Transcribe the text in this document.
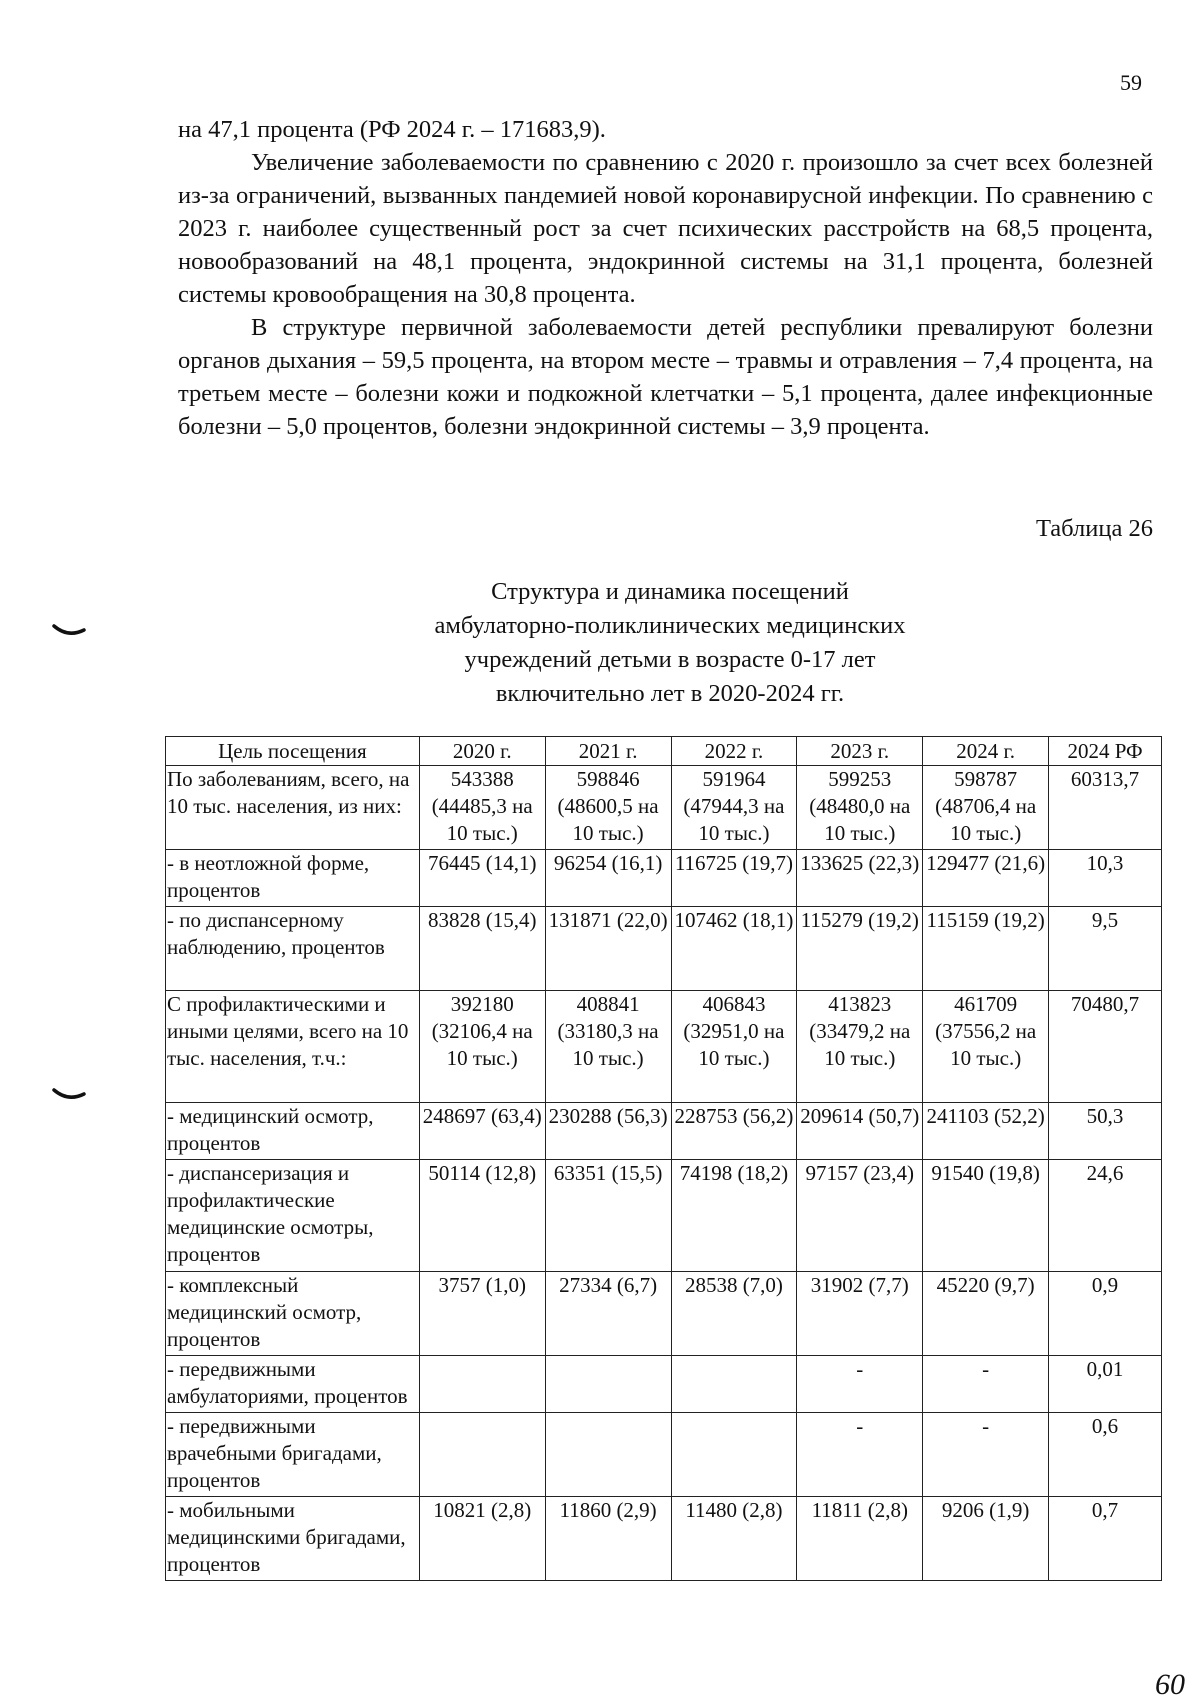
59

на 47,1 процента (РФ 2024 г. – 171683,9).

Увеличение заболеваемости по сравнению с 2020 г. произошло за счет всех болезней из-за ограничений, вызванных пандемией новой коронавирусной инфекции. По сравнению с 2023 г. наиболее существенный рост за счет психических расстройств на 68,5 процента, новообразований на 48,1 процента, эндокринной системы на 31,1 процента, болезней системы кровообращения на 30,8 процента.

В структуре первичной заболеваемости детей республики превалируют болезни органов дыхания – 59,5 процента, на втором месте – травмы и отравления – 7,4 процента, на третьем месте – болезни кожи и подкожной клетчатки – 5,1 процента, далее инфекционные болезни – 5,0 процентов, болезни эндокринной системы – 3,9 процента.

Таблица 26
Структура и динамика посещений
амбулаторно-поликлинических медицинских
учреждений детьми в возрасте 0-17 лет
включительно лет в 2020-2024 гг.
Цель посещения	2020 г.	2021 г.	2022 г.	2023 г.	2024 г.	2024 РФ
По заболеваниям, всего, на 10 тыс. населения, из них:	543388 (44485,3 на 10 тыс.)	598846 (48600,5 на 10 тыс.)	591964 (47944,3 на 10 тыс.)	599253 (48480,0 на 10 тыс.)	598787 (48706,4 на 10 тыс.)	60313,7
- в неотложной форме, процентов	76445 (14,1)	96254 (16,1)	116725 (19,7)	133625 (22,3)	129477 (21,6)	10,3
- по диспансерному наблюдению, процентов	83828 (15,4)	131871 (22,0)	107462 (18,1)	115279 (19,2)	115159 (19,2)	9,5
С профилактическими и иными целями, всего на 10 тыс. населения, т.ч.:	392180 (32106,4 на 10 тыс.)	408841 (33180,3 на 10 тыс.)	406843 (32951,0 на 10 тыс.)	413823 (33479,2 на 10 тыс.)	461709 (37556,2 на 10 тыс.)	70480,7
- медицинский осмотр, процентов	248697 (63,4)	230288 (56,3)	228753 (56,2)	209614 (50,7)	241103 (52,2)	50,3
- диспансеризация и профилактические медицинские осмотры, процентов	50114 (12,8)	63351 (15,5)	74198 (18,2)	97157 (23,4)	91540 (19,8)	24,6
- комплексный медицинский осмотр, процентов	3757 (1,0)	27334 (6,7)	28538 (7,0)	31902 (7,7)	45220 (9,7)	0,9
- передвижными амбулаториями, процентов				-	-	0,01
- передвижными врачебными бригадами, процентов				-	-	0,6
- мобильными медицинскими бригадами, процентов	10821 (2,8)	11860 (2,9)	11480 (2,8)	11811 (2,8)	9206 (1,9)	0,7
60
